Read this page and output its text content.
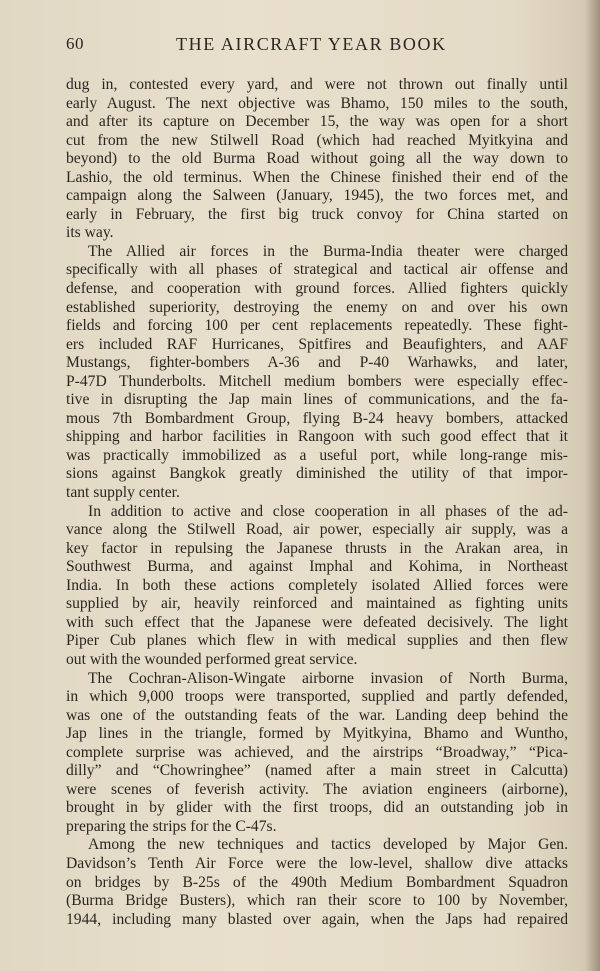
60	THE AIRCRAFT YEAR BOOK
dug in, contested every yard, and were not thrown out finally until
early August. The next objective was Bhamo, 150 miles to the south,
and after its capture on December 15, the way was open for a short
cut from the new Stilwell Road (which had reached Myitkyina and
beyond) to the old Burma Road without going all the way down to
Lashio, the old terminus. When the Chinese finished their end of the
campaign along the Salween (January, 1945), the two forces met, and
early in February, the first big truck convoy for China started on
its way.
The Allied air forces in the Burma-India theater were charged
specifically with all phases of strategical and tactical air offense and
defense, and cooperation with ground forces. Allied fighters quickly
established superiority, destroying the enemy on and over his own
fields and forcing 100 per cent replacements repeatedly. These fight-
ers included RAF Hurricanes, Spitfires and Beaufighters, and AAF
Mustangs, fighter-bombers A-36 and P-40 Warhawks, and later,
P-47D Thunderbolts. Mitchell medium bombers were especially effec-
tive in disrupting the Jap main lines of communications, and the fa-
mous 7th Bombardment Group, flying B-24 heavy bombers, attacked
shipping and harbor facilities in Rangoon with such good effect that it
was practically immobilized as a useful port, while long-range mis-
sions against Bangkok greatly diminished the utility of that impor-
tant supply center.
In addition to active and close cooperation in all phases of the ad-
vance along the Stilwell Road, air power, especially air supply, was a
key factor in repulsing the Japanese thrusts in the Arakan area, in
Southwest Burma, and against Imphal and Kohima, in Northeast
India. In both these actions completely isolated Allied forces were
supplied by air, heavily reinforced and maintained as fighting units
with such effect that the Japanese were defeated decisively. The light
Piper Cub planes which flew in with medical supplies and then flew
out with the wounded performed great service.
The Cochran-Alison-Wingate airborne invasion of North Burma,
in which 9,000 troops were transported, supplied and partly defended,
was one of the outstanding feats of the war. Landing deep behind the
Jap lines in the triangle, formed by Myitkyina, Bhamo and Wuntho,
complete surprise was achieved, and the airstrips “Broadway,” “Pica-
dilly” and “Chowringhee” (named after a main street in Calcutta)
were scenes of feverish activity. The aviation engineers (airborne),
brought in by glider with the first troops, did an outstanding job in
preparing the strips for the C-47s.
Among the new techniques and tactics developed by Major Gen.
Davidson’s Tenth Air Force were the low-level, shallow dive attacks
on bridges by B-25s of the 490th Medium Bombardment Squadron
(Burma Bridge Busters), which ran their score to 100 by November,
1944, including many blasted over again, when the Japs had repaired
